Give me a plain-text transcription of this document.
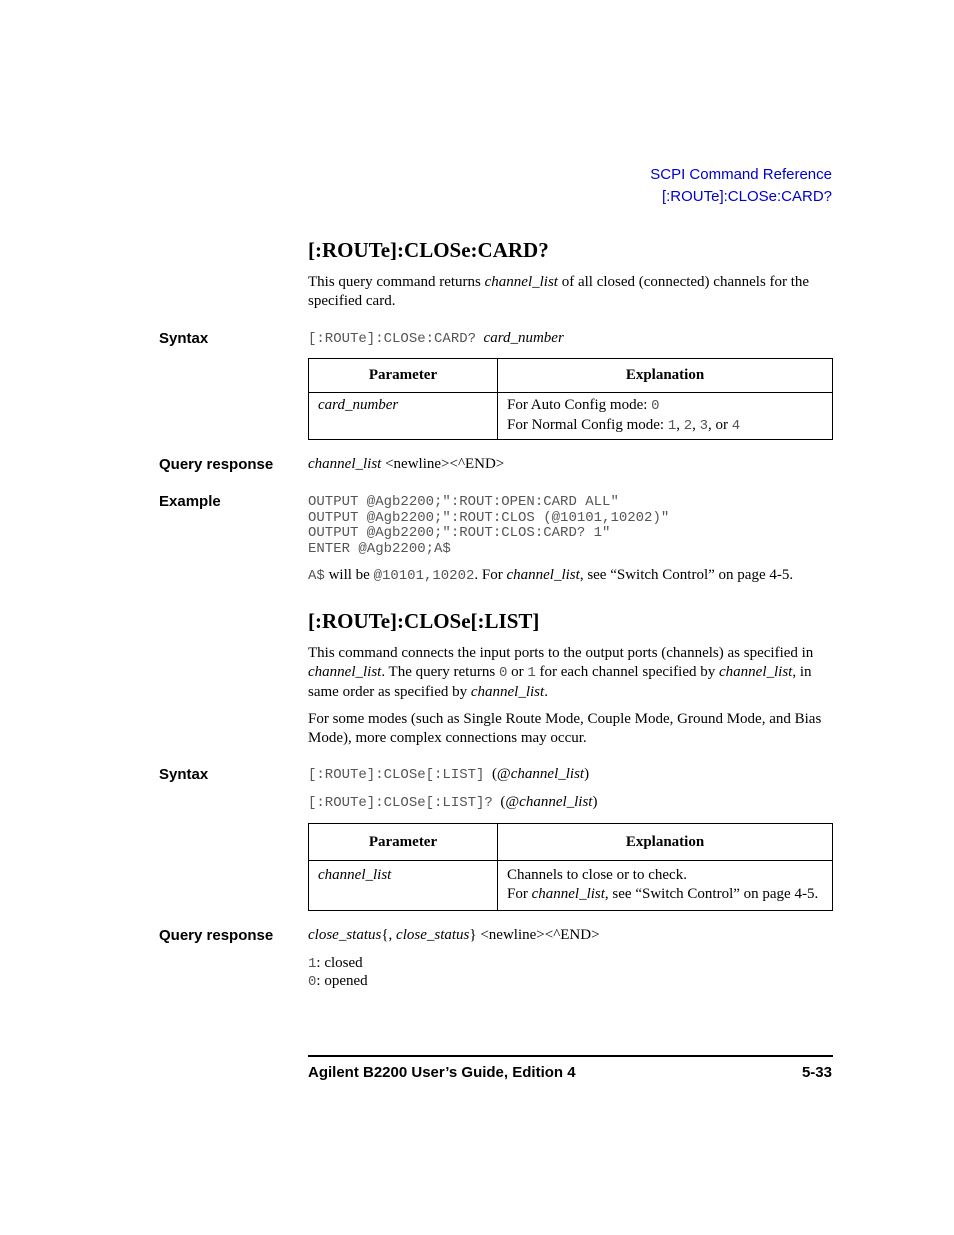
SCPI Command Reference
[:ROUTe]:CLOSe:CARD?
[:ROUTe]:CLOSe:CARD?
This query command returns channel_list of all closed (connected) channels for the specified card.
Syntax	[:ROUTe]:CLOSe:CARD? card_number
Parameter	Explanation
card_number	For Auto Config mode: 0
For Normal Config mode: 1, 2, 3, or 4
Query response channel_list <newline><^END>
Example	OUTPUT @Agb2200;":ROUT:OPEN:CARD ALL"
OUTPUT @Agb2200;":ROUT:CLOS (@10101,10202)"
OUTPUT @Agb2200;":ROUT:CLOS:CARD? 1"
ENTER @Agb2200;A$
A$ will be @10101,10202. For channel_list, see “Switch Control” on page 4-5.
[:ROUTe]:CLOSe[:LIST]
This command connects the input ports to the output ports (channels) as specified in channel_list. The query returns 0 or 1 for each channel specified by channel_list, in same order as specified by channel_list.
For some modes (such as Single Route Mode, Couple Mode, Ground Mode, and Bias Mode), more complex connections may occur.
Syntax	[:ROUTe]:CLOSe[:LIST] (@channel_list)
[:ROUTe]:CLOSe[:LIST]? (@channel_list)
Parameter	Explanation
channel_list	Channels to close or to check.
For channel_list, see “Switch Control” on page 4-5.
Query response close_status{, close_status} <newline><^END>
1: closed
0: opened
Agilent B2200 User’s Guide, Edition 4	5-33
